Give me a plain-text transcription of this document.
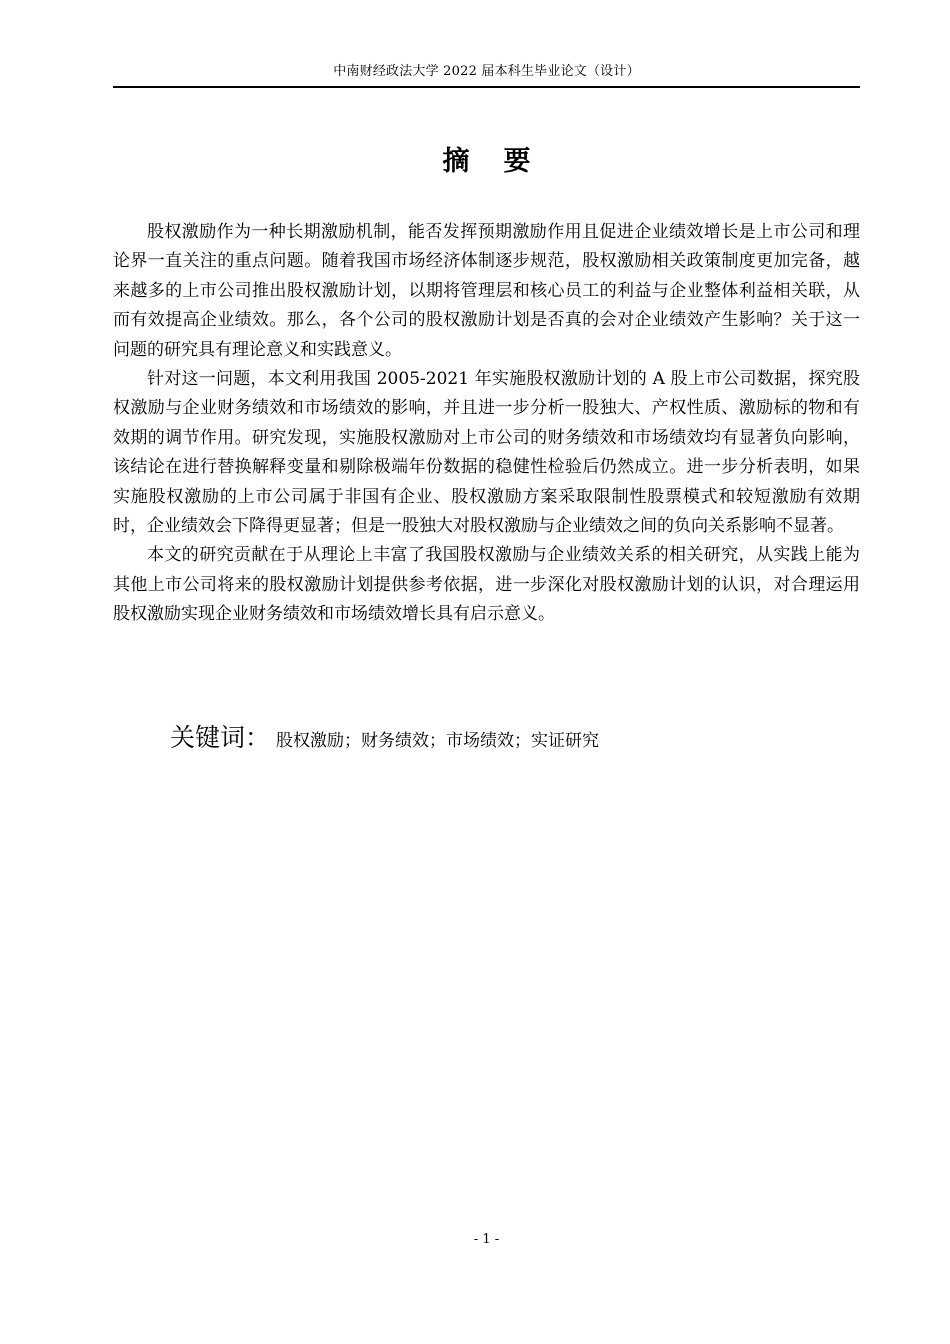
中南财经政法大学 2022 届本科生毕业论文（设计）
摘 要

股权激励作为一种长期激励机制，能否发挥预期激励作用且促进企业绩效增长是上市公司和理论界一直关注的重点问题。随着我国市场经济体制逐步规范，股权激励相关政策制度更加完备，越来越多的上市公司推出股权激励计划，以期将管理层和核心员工的利益与企业整体利益相关联，从而有效提高企业绩效。那么，各个公司的股权激励计划是否真的会对企业绩效产生影响？关于这一问题的研究具有理论意义和实践意义。

针对这一问题，本文利用我国 2005-2021 年实施股权激励计划的 A 股上市公司数据，探究股权激励与企业财务绩效和市场绩效的影响，并且进一步分析一股独大、产权性质、激励标的物和有效期的调节作用。研究发现，实施股权激励对上市公司的财务绩效和市场绩效均有显著负向影响，该结论在进行替换解释变量和剔除极端年份数据的稳健性检验后仍然成立。进一步分析表明，如果实施股权激励的上市公司属于非国有企业、股权激励方案采取限制性股票模式和较短激励有效期时，企业绩效会下降得更显著；但是一股独大对股权激励与企业绩效之间的负向关系影响不显著。

本文的研究贡献在于从理论上丰富了我国股权激励与企业绩效关系的相关研究，从实践上能为其他上市公司将来的股权激励计划提供参考依据，进一步深化对股权激励计划的认识，对合理运用股权激励实现企业财务绩效和市场绩效增长具有启示意义。

关键词： 股权激励；财务绩效；市场绩效；实证研究
- 1 -
